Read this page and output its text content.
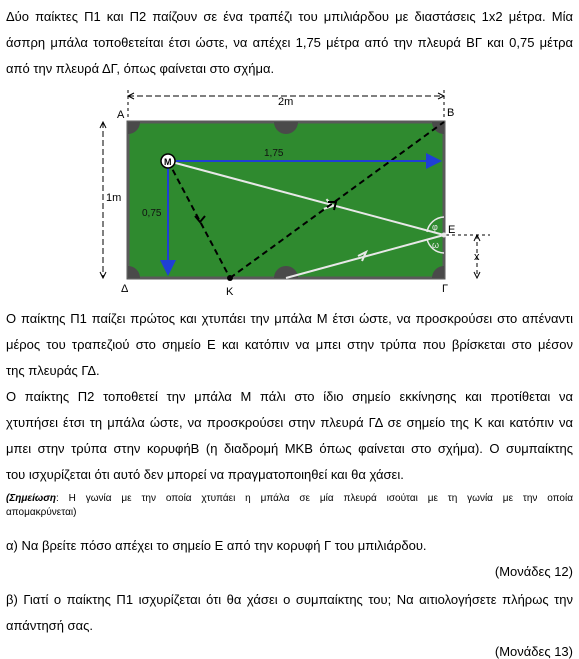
Δύο παίκτες Π1 και Π2 παίζουν σε ένα τραπέζι του μπιλιάρδου με διαστάσεις 1x2 μέτρα. Μία
άσπρη μπάλα τοποθετείται έτσι ώστε, να απέχει 1,75 μέτρα από την πλευρά ΒΓ και 0,75 μέτρα
από την πλευρά ΔΓ, όπως φαίνεται στο σχήμα.
2m
1m
x
1,75
0,75
φ
ω
Μ
Α	Β
Γ
Δ
Ε
Κ
Ο παίκτης Π1 παίζει πρώτος και χτυπάει την μπάλα Μ έτσι ώστε, να προσκρούσει στο απέναντι
μέρος του τραπεζιού στο σημείο Ε και κατόπιν να μπει στην τρύπα που βρίσκεται στο μέσον
της πλευράς ΓΔ.
Ο παίκτης Π2 τοποθετεί την μπάλα Μ πάλι στο ίδιο σημείο εκκίνησης και προτίθεται να
χτυπήσει έτσι τη μπάλα ώστε, να προσκρούσει στην πλευρά ΓΔ σε σημείο της Κ και κατόπιν να
μπει στην τρύπα στην κορυφήΒ (η διαδρομή ΜΚΒ όπως φαίνεται στο σχήμα). Ο συμπαίκτης
του ισχυρίζεται ότι αυτό δεν μπορεί να πραγματοποιηθεί και θα χάσει.
(Σημείωση: Η γωνία με την οποία χτυπάει η μπάλα σε μία πλευρά ισούται με τη γωνία με την οποία
απομακρύνεται)
α) Να βρείτε πόσο απέχει το σημείο Ε από την κορυφή Γ του μπιλιάρδου.
(Μονάδες 12)
β) Γιατί ο παίκτης Π1 ισχυρίζεται ότι θα χάσει ο συμπαίκτης του; Να αιτιολογήσετε πλήρως την
απάντησή σας.
(Μονάδες 13)
